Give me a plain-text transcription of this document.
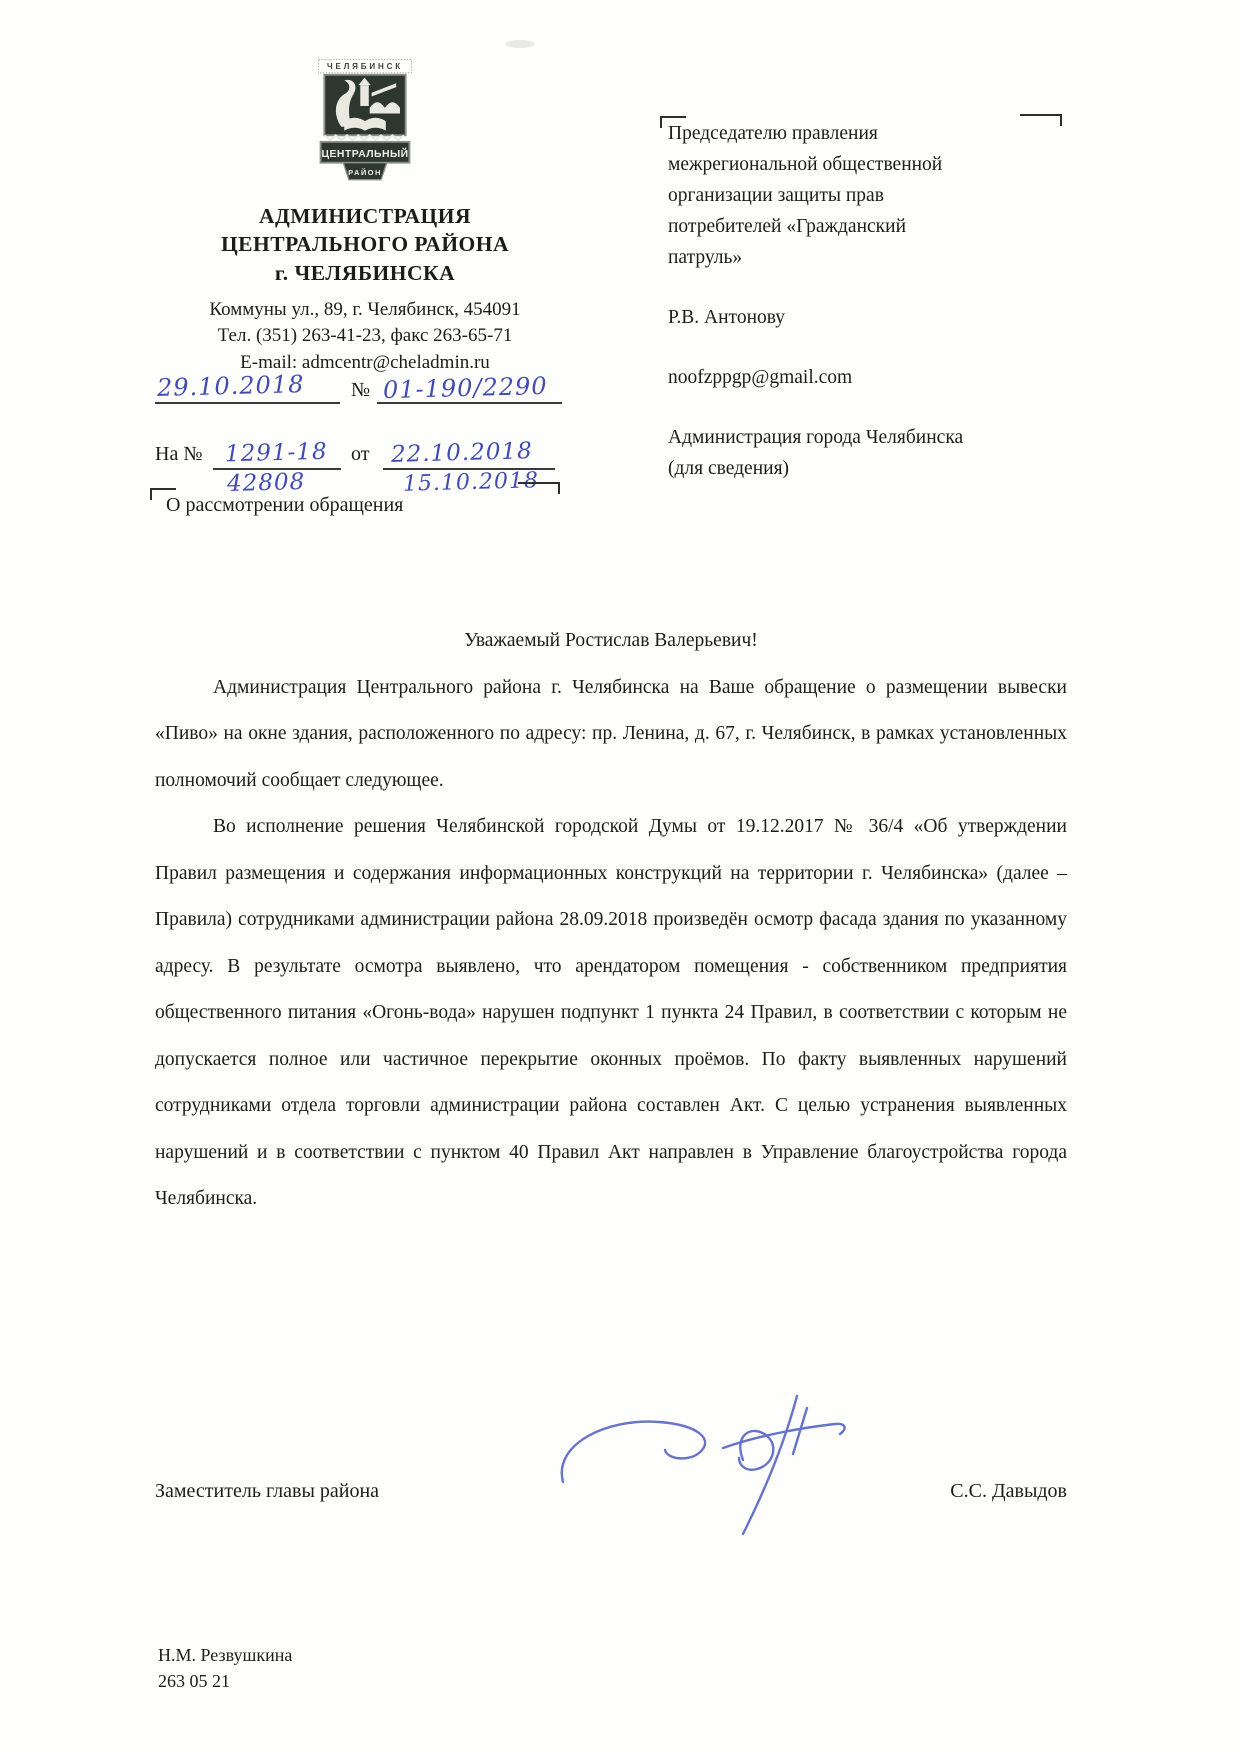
ЧЕЛЯБИНСК
ЦЕНТРАЛЬНЫЙ
РАЙОН
АДМИНИСТРАЦИЯ
ЦЕНТРАЛЬНОГО РАЙОНА
г. ЧЕЛЯБИНСКА
Коммуны ул., 89, г. Челябинск, 454091
Тел. (351) 263-41-23, факс 263-65-71
E-mail: admcentr@cheladmin.ru
29.10.2018 № 01-190/2290
На № 1291-18 от 22.10.2018
42808	15.10.2018
О рассмотрении обращения
Председателю правления
межрегиональной общественной
организации защиты прав
потребителей «Гражданский
патруль»
Р.В. Антонову
noofzppgp@gmail.com
Администрация города Челябинска
(для сведения)
Уважаемый Ростислав Валерьевич!

Администрация Центрального района г. Челябинска на Ваше обращение о размещении вывески «Пиво» на окне здания, расположенного по адресу: пр. Ленина, д. 67, г. Челябинск, в рамках установленных полномочий сообщает следующее.

Во исполнение решения Челябинской городской Думы от 19.12.2017 № 36/4 «Об утверждении Правил размещения и содержания информационных конструкций на территории г. Челябинска» (далее – Правила) сотрудниками администрации района 28.09.2018 произведён осмотр фасада здания по указанному адресу. В результате осмотра выявлено, что арендатором помещения - собственником предприятия общественного питания «Огонь-вода» нарушен подпункт 1 пункта 24 Правил, в соответствии с которым не допускается полное или частичное перекрытие оконных проёмов. По факту выявленных нарушений сотрудниками отдела торговли администрации района составлен Акт. С целью устранения выявленных нарушений и в соответствии с пунктом 40 Правил Акт направлен в Управление благоустройства города Челябинска.

Заместитель главы района	С.С. Давыдов
Н.М. Резвушкина
263 05 21
